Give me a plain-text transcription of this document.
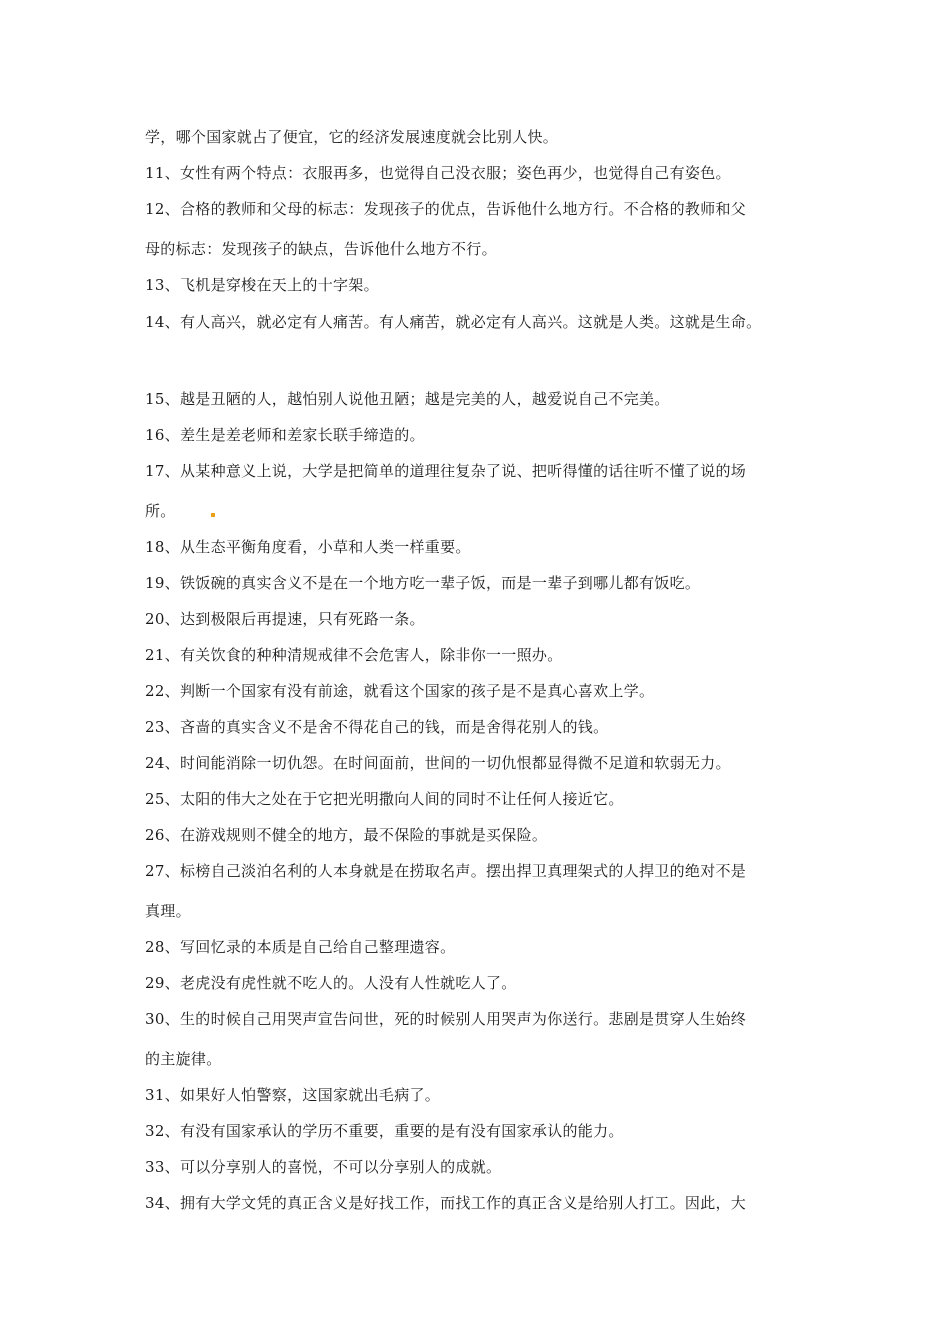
学，哪个国家就占了便宜，它的经济发展速度就会比别人快。
11、女性有两个特点：衣服再多，也觉得自己没衣服；姿色再少，也觉得自己有姿色。
12、合格的教师和父母的标志：发现孩子的优点，告诉他什么地方行。不合格的教师和父
母的标志：发现孩子的缺点，告诉他什么地方不行。
13、飞机是穿梭在天上的十字架。
14、有人高兴，就必定有人痛苦。有人痛苦，就必定有人高兴。这就是人类。这就是生命。
15、越是丑陋的人，越怕别人说他丑陋；越是完美的人，越爱说自己不完美。
16、差生是差老师和差家长联手缔造的。
17、从某种意义上说，大学是把简单的道理往复杂了说、把听得懂的话往听不懂了说的场
所。
18、从生态平衡角度看，小草和人类一样重要。
19、铁饭碗的真实含义不是在一个地方吃一辈子饭，而是一辈子到哪儿都有饭吃。
20、达到极限后再提速，只有死路一条。
21、有关饮食的种种清规戒律不会危害人，除非你一一照办。
22、判断一个国家有没有前途，就看这个国家的孩子是不是真心喜欢上学。
23、吝啬的真实含义不是舍不得花自己的钱，而是舍得花别人的钱。
24、时间能消除一切仇怨。在时间面前，世间的一切仇恨都显得微不足道和软弱无力。
25、太阳的伟大之处在于它把光明撒向人间的同时不让任何人接近它。
26、在游戏规则不健全的地方，最不保险的事就是买保险。
27、标榜自己淡泊名利的人本身就是在捞取名声。摆出捍卫真理架式的人捍卫的绝对不是
真理。
28、写回忆录的本质是自己给自己整理遗容。
29、老虎没有虎性就不吃人的。人没有人性就吃人了。
30、生的时候自己用哭声宣告问世，死的时候别人用哭声为你送行。悲剧是贯穿人生始终
的主旋律。
31、如果好人怕警察，这国家就出毛病了。
32、有没有国家承认的学历不重要，重要的是有没有国家承认的能力。
33、可以分享别人的喜悦，不可以分享别人的成就。
34、拥有大学文凭的真正含义是好找工作，而找工作的真正含义是给别人打工。因此，大
